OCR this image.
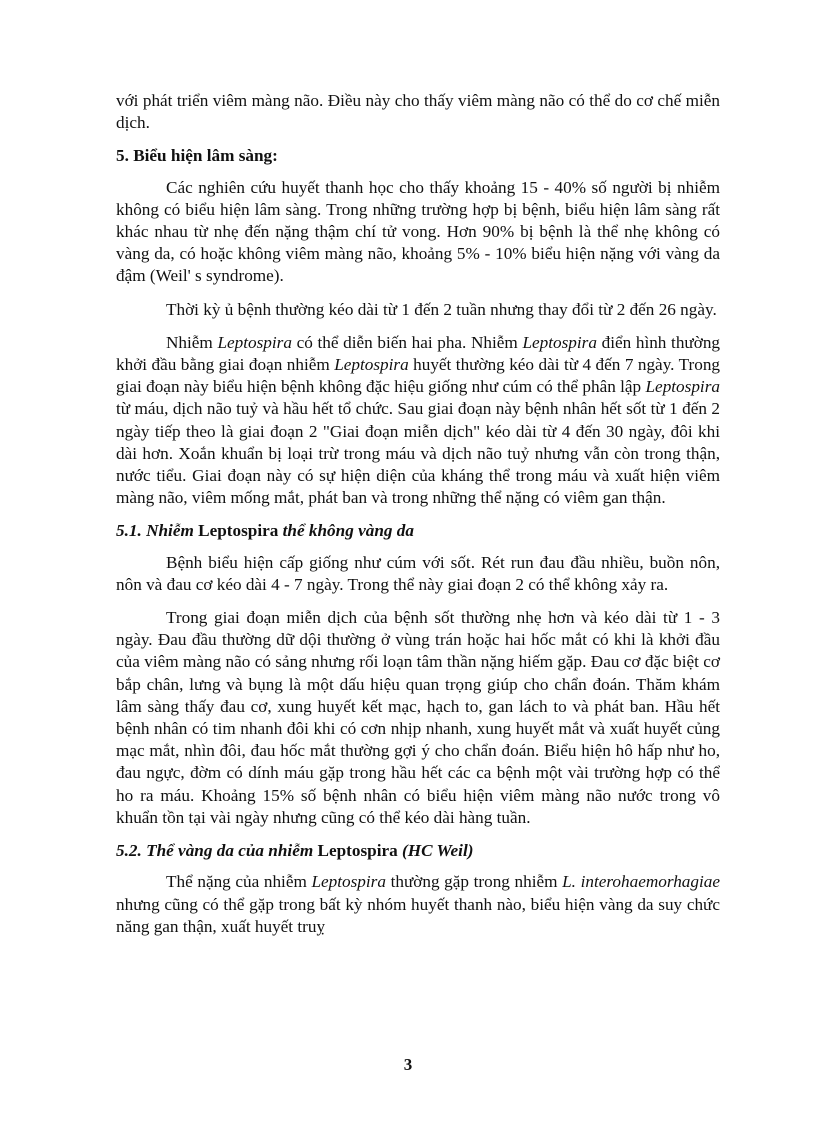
với phát triển viêm màng não. Điều này cho thấy viêm màng não có thể do cơ chế miễn dịch.

5. Biểu hiện lâm sàng:

Các nghiên cứu huyết thanh học cho thấy khoảng 15 - 40% số người bị nhiễm không có biểu hiện lâm sàng. Trong những trường hợp bị bệnh, biểu hiện lâm sàng rất khác nhau từ nhẹ đến nặng thậm chí tử vong. Hơn 90% bị bệnh là thể nhẹ không có vàng da, có hoặc không viêm màng não, khoảng 5% - 10% biểu hiện nặng với vàng da đậm (Weil' s syndrome).

Thời kỳ ủ bệnh thường kéo dài từ 1 đến 2 tuần nhưng thay đổi từ 2 đến 26 ngày.

Nhiễm Leptospira có thể diễn biến hai pha. Nhiễm Leptospira điển hình thường khởi đầu bằng giai đoạn nhiễm Leptospira huyết thường kéo dài từ 4 đến 7 ngày. Trong giai đoạn này biểu hiện bệnh không đặc hiệu giống như cúm có thể phân lập Leptospira từ máu, dịch não tuỷ và hầu hết tổ chức. Sau giai đoạn này bệnh nhân hết sốt từ 1 đến 2 ngày tiếp theo là giai đoạn 2 "Giai đoạn miễn dịch" kéo dài từ 4 đến 30 ngày, đôi khi dài hơn. Xoắn khuẩn bị loại trừ trong máu và dịch não tuỷ nhưng vẫn còn trong thận, nước tiểu. Giai đoạn này có sự hiện diện của kháng thể trong máu và xuất hiện viêm màng não, viêm mống mắt, phát ban và trong những thể nặng có viêm gan thận.

5.1. Nhiễm Leptospira thể không vàng da

Bệnh biểu hiện cấp giống như cúm với sốt. Rét run đau đầu nhiều, buồn nôn, nôn và đau cơ kéo dài 4 - 7 ngày. Trong thể này giai đoạn 2 có thể không xảy ra.

Trong giai đoạn miễn dịch của bệnh sốt thường nhẹ hơn và kéo dài từ 1 - 3 ngày. Đau đầu thường dữ dội thường ở vùng trán hoặc hai hốc mắt có khi là khởi đầu của viêm màng não có sảng nhưng rối loạn tâm thần nặng hiếm gặp. Đau cơ đặc biệt cơ bắp chân, lưng và bụng là một dấu hiệu quan trọng giúp cho chẩn đoán. Thăm khám lâm sàng thấy đau cơ, xung huyết kết mạc, hạch to, gan lách to và phát ban. Hầu hết bệnh nhân có tim nhanh đôi khi có cơn nhịp nhanh, xung huyết mắt và xuất huyết củng mạc mắt, nhìn đôi, đau hốc mắt thường gợi ý cho chẩn đoán. Biểu hiện hô hấp như ho, đau ngực, đờm có dính máu gặp trong hầu hết các ca bệnh một vài trường hợp có thể ho ra máu. Khoảng 15% số bệnh nhân có biểu hiện viêm màng não nước trong vô khuẩn tồn tại vài ngày nhưng cũng có thể kéo dài hàng tuần.

5.2. Thể vàng da của nhiễm Leptospira (HC Weil)

Thể nặng của nhiễm Leptospira thường gặp trong nhiễm L. interohaemorhagiae nhưng cũng có thể gặp trong bất kỳ nhóm huyết thanh nào, biểu hiện vàng da suy chức năng gan thận, xuất huyết truỵ

3
